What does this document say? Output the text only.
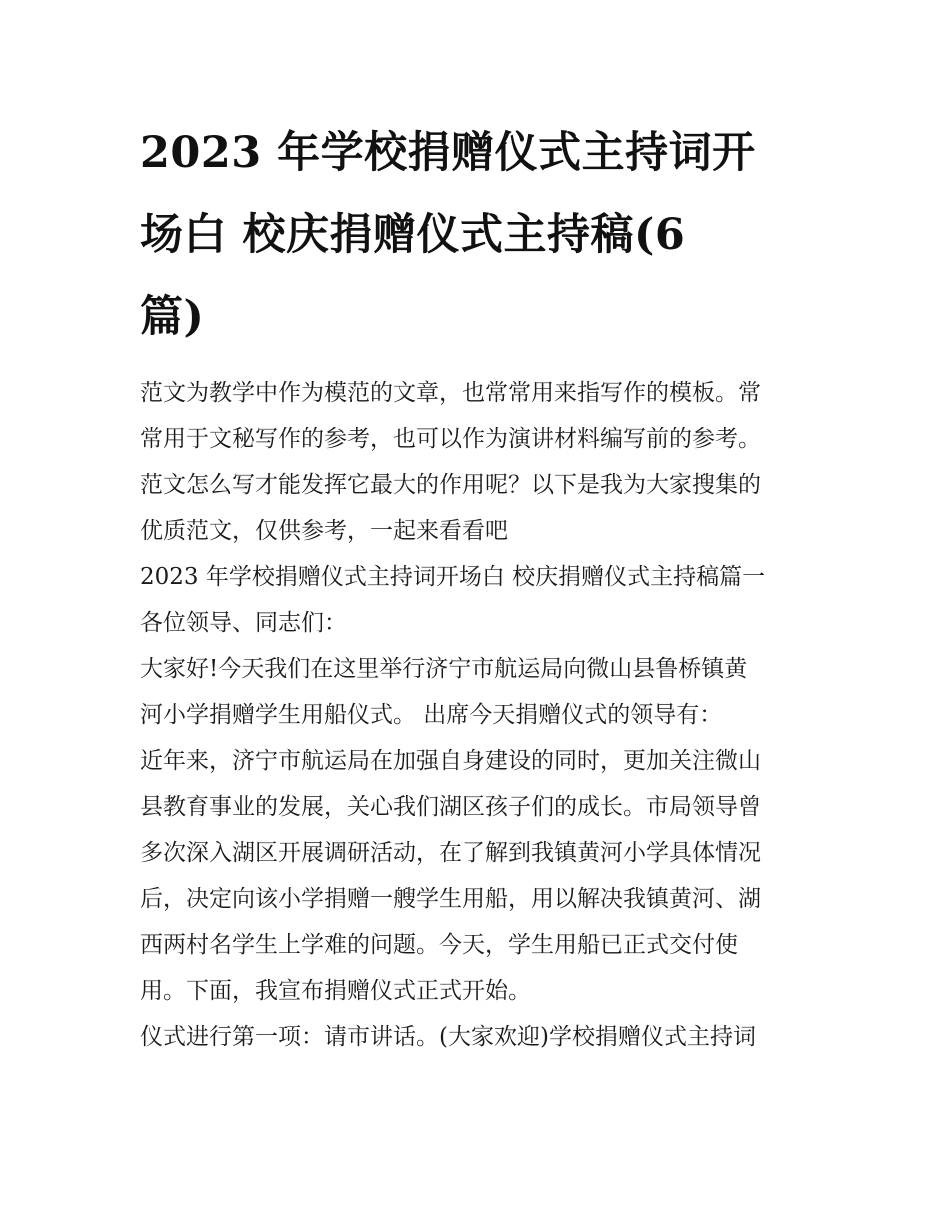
2023 年学校捐赠仪式主持词开
场白 校庆捐赠仪式主持稿(6
篇)

范文为教学中作为模范的文章，也常常用来指写作的模板。常
常用于文秘写作的参考，也可以作为演讲材料编写前的参考。
范文怎么写才能发挥它最大的作用呢？以下是我为大家搜集的
优质范文，仅供参考，一起来看看吧

2023 年学校捐赠仪式主持词开场白 校庆捐赠仪式主持稿篇一

各位领导、同志们：

大家好!今天我们在这里举行济宁市航运局向微山县鲁桥镇黄
河小学捐赠学生用船仪式。 出席今天捐赠仪式的领导有：

近年来，济宁市航运局在加强自身建设的同时，更加关注微山
县教育事业的发展，关心我们湖区孩子们的成长。市局领导曾
多次深入湖区开展调研活动，在了解到我镇黄河小学具体情况
后，决定向该小学捐赠一艘学生用船，用以解决我镇黄河、湖
西两村名学生上学难的问题。今天，学生用船已正式交付使
用。下面，我宣布捐赠仪式正式开始。

仪式进行第一项：请市讲话。(大家欢迎)学校捐赠仪式主持词
